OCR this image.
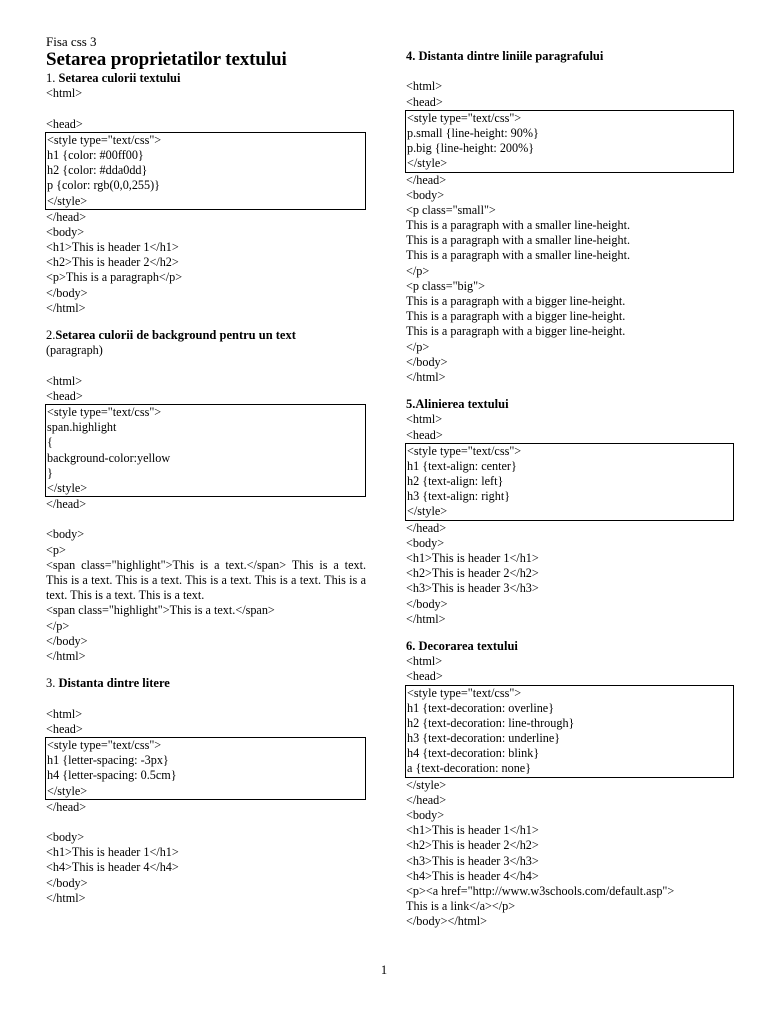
Fisa css 3
Setarea proprietatilor textului
1. Setarea culorii textului
<html>
<head>
<style type="text/css">
h1 {color: #00ff00}
h2 {color: #dda0dd}
p {color: rgb(0,0,255)}
</style>
</head>
<body>
<h1>This is header 1</h1>
<h2>This is header 2</h2>
<p>This is a paragraph</p>
</body>
</html>
2.Setarea culorii de background pentru un text
(paragraph)
<html>
<head>
<style type="text/css">
span.highlight
{
background-color:yellow
}
</style>
</head>
<body>
<p>
<span class="highlight">This is a text.</span> This is a text. This is a text. This is a text. This is a text. This is a text. This is a text. This is a text. This is a text.
<span class="highlight">This is a text.</span>
</p>
</body>
</html>
3. Distanta dintre litere
<html>
<head>
<style type="text/css">
h1 {letter-spacing: -3px}
h4 {letter-spacing: 0.5cm}
</style>
</head>
<body>
<h1>This is header 1</h1>
<h4>This is header 4</h4>
</body>
</html>
4. Distanta dintre liniile paragrafului
<html>
<head>
<style type="text/css">
p.small {line-height: 90%}
p.big {line-height: 200%}
</style>
</head>
<body>
<p class="small">
This is a paragraph with a smaller line-height.
This is a paragraph with a smaller line-height.
This is a paragraph with a smaller line-height.
</p>
<p class="big">
This is a paragraph with a bigger line-height.
This is a paragraph with a bigger line-height.
This is a paragraph with a bigger line-height.
</p>
</body>
</html>
5.Alinierea textului
<html>
<head>
<style type="text/css">
h1 {text-align: center}
h2 {text-align: left}
h3 {text-align: right}
</style>
</head>
<body>
<h1>This is header 1</h1>
<h2>This is header 2</h2>
<h3>This is header 3</h3>
</body>
</html>
6. Decorarea textului
<html>
<head>
<style type="text/css">
h1 {text-decoration: overline}
h2 {text-decoration: line-through}
h3 {text-decoration: underline}
h4 {text-decoration: blink}
a {text-decoration: none}
</style>
</head>
<body>
<h1>This is header 1</h1>
<h2>This is header 2</h2>
<h3>This is header 3</h3>
<h4>This is header 4</h4>
<p><a href="http://www.w3schools.com/default.asp">
This is a link</a></p>
</body></html>
1
